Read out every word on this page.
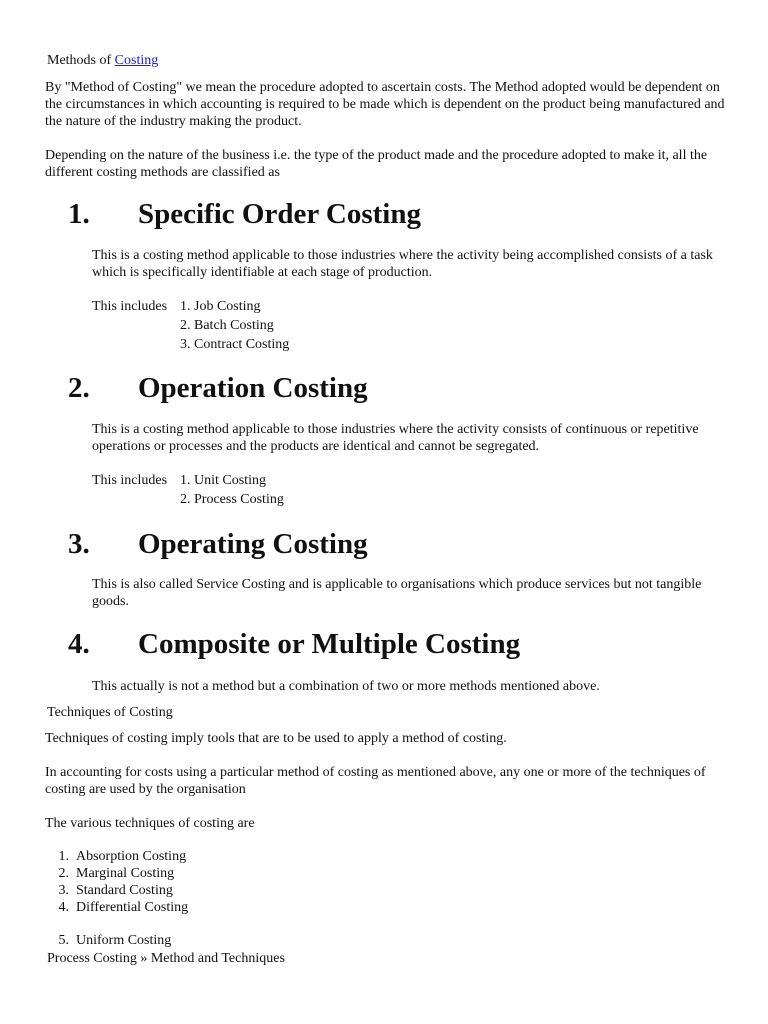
Methods of Costing
By "Method of Costing" we mean the procedure adopted to ascertain costs. The Method adopted would be dependent on the circumstances in which accounting is required to be made which is dependent on the product being manufactured and the nature of the industry making the product.
Depending on the nature of the business i.e. the type of the product made and the procedure adopted to make it, all the different costing methods are classified as
1. Specific Order Costing
This is a costing method applicable to those industries where the activity being accomplished consists of a task which is specifically identifiable at each stage of production.
This includes 1. Job Costing
2. Batch Costing
3. Contract Costing
2. Operation Costing
This is a costing method applicable to those industries where the activity consists of continuous or repetitive operations or processes and the products are identical and cannot be segregated.
This includes 1. Unit Costing
2. Process Costing
3. Operating Costing
This is also called Service Costing and is applicable to organisations which produce services but not tangible goods.
4. Composite or Multiple Costing
This actually is not a method but a combination of two or more methods mentioned above.
Techniques of Costing
Techniques of costing imply tools that are to be used to apply a method of costing.
In accounting for costs using a particular method of costing as mentioned above, any one or more of the techniques of costing are used by the organisation
The various techniques of costing are
1. Absorption Costing
2. Marginal Costing
3. Standard Costing
4. Differential Costing
5. Uniform Costing
Process Costing » Method and Techniques
